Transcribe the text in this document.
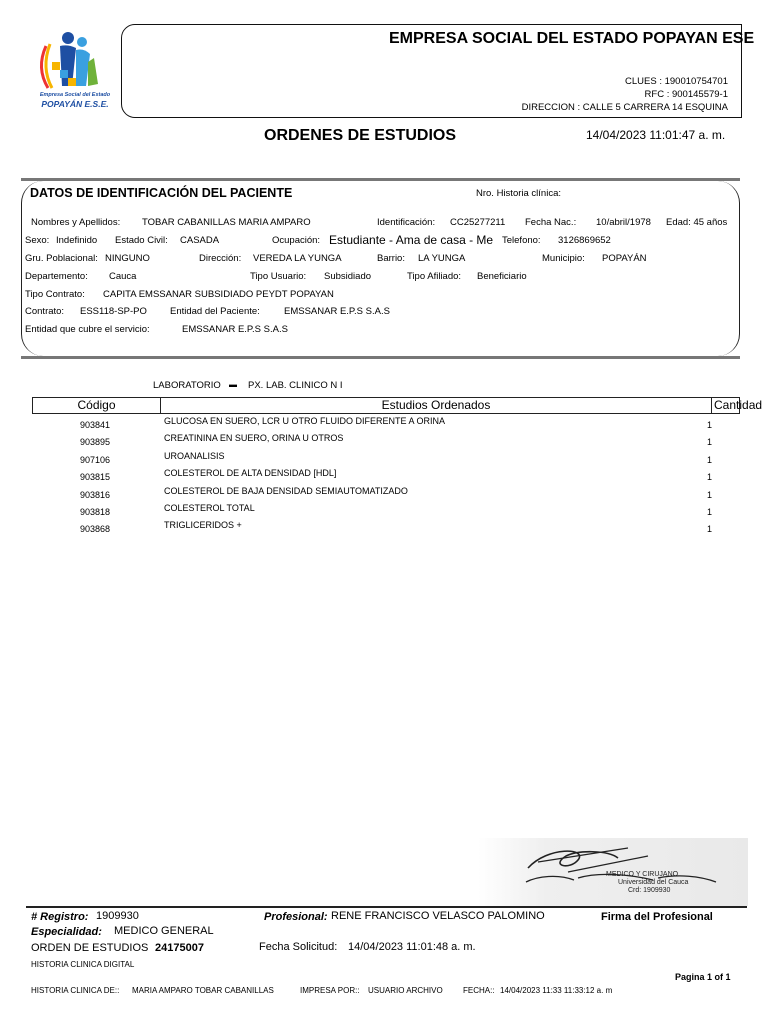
Empresa Social del Estado
POPAYÁN E.S.E.
EMPRESA SOCIAL DEL ESTADO POPAYAN ESE
CLUES : 190010754701
RFC : 900145579-1
DIRECCION : CALLE 5 CARRERA 14 ESQUINA
ORDENES DE ESTUDIOS	14/04/2023 11:01:47 a. m.
DATOS DE IDENTIFICACIÓN DEL PACIENTE	Nro. Historia clínica:
Nombres y Apellidos: TOBAR CABANILLAS MARIA AMPARO	Identificación: CC25277211 Fecha Nac.: 10/abril/1978 Edad: 45 años
Sexo: Indefinido Estado Civil: CASADA	Ocupación: Estudiante - Ama de casa - Me Telefono: 3126869652
Gru. Poblacional: NINGUNO	Dirección: VEREDA LA YUNGA	Barrio: LA YUNGA	Municipio: POPAYÁN
Departemento: Cauca	Tipo Usuario: Subsidiado	Tipo Afiliado: Beneficiario
Tipo Contrato: CAPITA EMSSANAR SUBSIDIADO PEYDT POPAYAN
Contrato: ESS118-SP-PO Entidad del Paciente:	EMSSANAR E.P.S S.A.S
Entidad que cubre el servicio:	EMSSANAR E.P.S S.A.S
LABORATORIO ▬ PX. LAB. CLINICO N I
Código	Estudios Ordenados	Cantidad
903841	GLUCOSA EN SUERO, LCR U OTRO FLUIDO DIFERENTE A ORINA	1
903895	CREATININA EN SUERO, ORINA U OTROS	1
907106	UROANALISIS	1
903815	COLESTEROL DE ALTA DENSIDAD [HDL]	1
903816	COLESTEROL DE BAJA DENSIDAD SEMIAUTOMATIZADO	1
903818	COLESTEROL TOTAL	1
903868	TRIGLICERIDOS +	1
MEDICO Y CIRUJANO
Universidad del Cauca
Crd: 1909930
# Registro: 1909930	Profesional: RENE FRANCISCO VELASCO PALOMINO	Firma del Profesional
Especialidad: MEDICO GENERAL
ORDEN DE ESTUDIOS 24175007	Fecha Solicitud: 14/04/2023 11:01:48 a. m.
HISTORIA CLINICA DIGITAL
Pagina 1 of 1
HISTORIA CLINICA DE:: MARIA AMPARO TOBAR CABANILLAS	IMPRESA POR:: USUARIO ARCHIVO	FECHA:: 14/04/2023 11:33 11:33:12 a. m
